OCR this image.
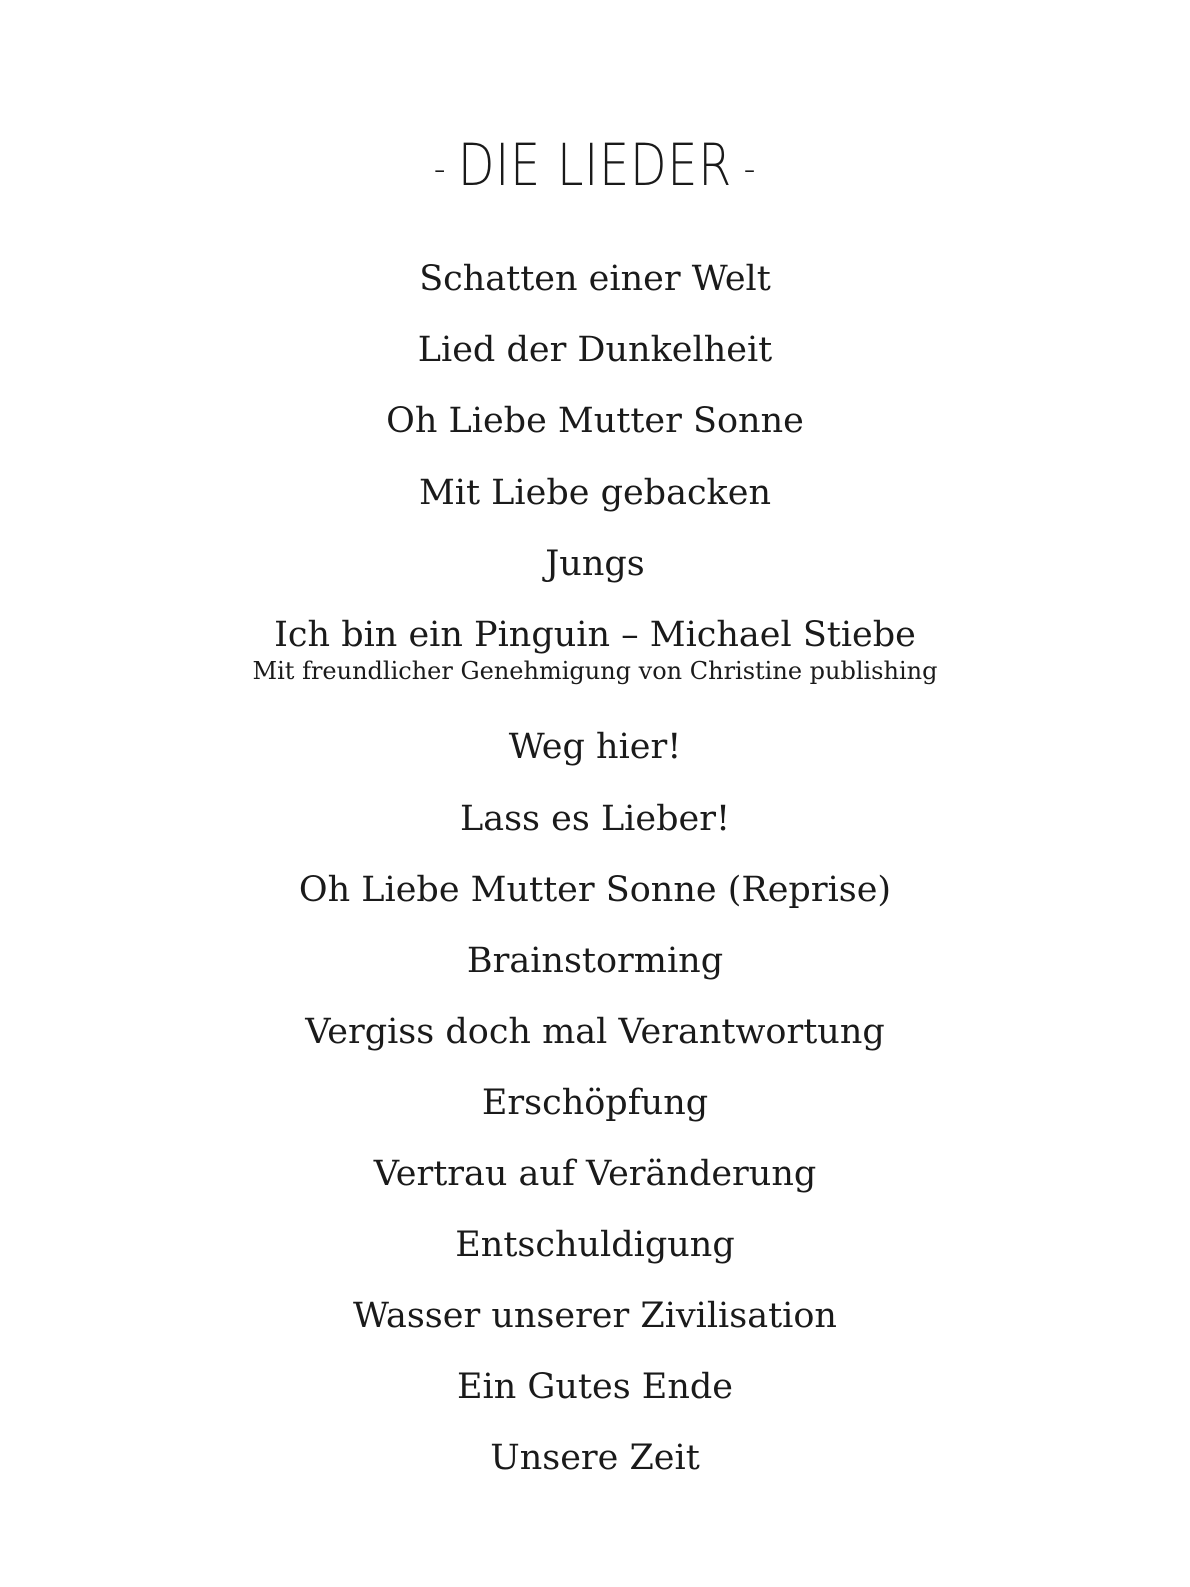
- DIE LIEDER -
Schatten einer Welt
Lied der Dunkelheit
Oh Liebe Mutter Sonne
Mit Liebe gebacken
Jungs
Ich bin ein Pinguin – Michael Stiebe
Mit freundlicher Genehmigung von Christine publishing
Weg hier!
Lass es Lieber!
Oh Liebe Mutter Sonne (Reprise)
Brainstorming
Vergiss doch mal Verantwortung
Erschöpfung
Vertrau auf Veränderung
Entschuldigung
Wasser unserer Zivilisation
Ein Gutes Ende
Unsere Zeit
